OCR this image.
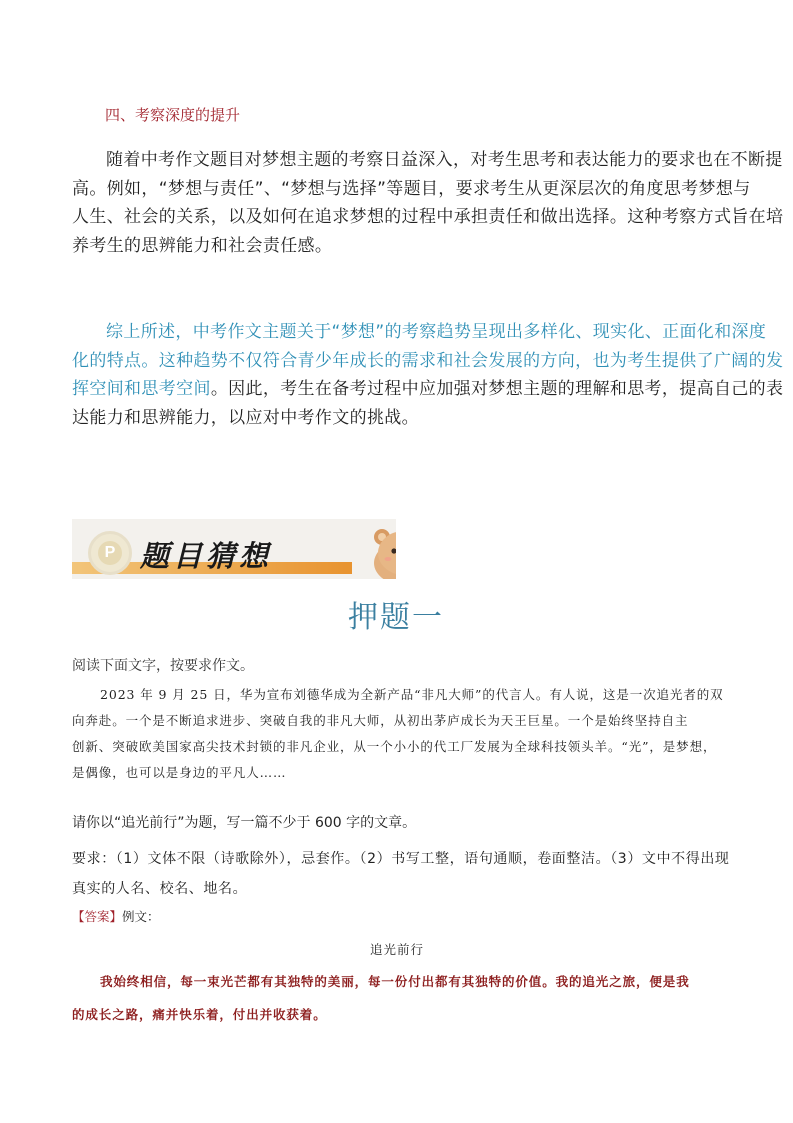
四、考察深度的提升
随着中考作文题目对梦想主题的考察日益深入，对考生思考和表达能力的要求也在不断提
高。例如，“梦想与责任”、“梦想与选择”等题目，要求考生从更深层次的角度思考梦想与
人生、社会的关系，以及如何在追求梦想的过程中承担责任和做出选择。这种考察方式旨在培
养考生的思辨能力和社会责任感。
综上所述，中考作文主题关于“梦想”的考察趋势呈现出多样化、现实化、正面化和深度
化的特点。这种趋势不仅符合青少年成长的需求和社会发展的方向，也为考生提供了广阔的发
挥空间和思考空间。因此，考生在备考过程中应加强对梦想主题的理解和思考，提高自己的表
达能力和思辨能力，以应对中考作文的挑战。
P 题目猜想
押题一
阅读下面文字，按要求作文。
2023 年 9 月 25 日，华为宣布刘德华成为全新产品“非凡大师”的代言人。有人说，这是一次追光者的双
向奔赴。一个是不断追求进步、突破自我的非凡大师，从初出茅庐成长为天王巨星。一个是始终坚持自主
创新、突破欧美国家高尖技术封锁的非凡企业，从一个小小的代工厂发展为全球科技领头羊。“光”，是梦想，
是偶像，也可以是身边的平凡人……
请你以“追光前行”为题，写一篇不少于 600 字的文章。
要求：（1）文体不限（诗歌除外），忌套作。（2）书写工整，语句通顺，卷面整洁。（3）文中不得出现
真实的人名、校名、地名。
【答案】例文：
追光前行
我始终相信，每一束光芒都有其独特的美丽，每一份付出都有其独特的价值。我的追光之旅，便是我
的成长之路，痛并快乐着，付出并收获着。
